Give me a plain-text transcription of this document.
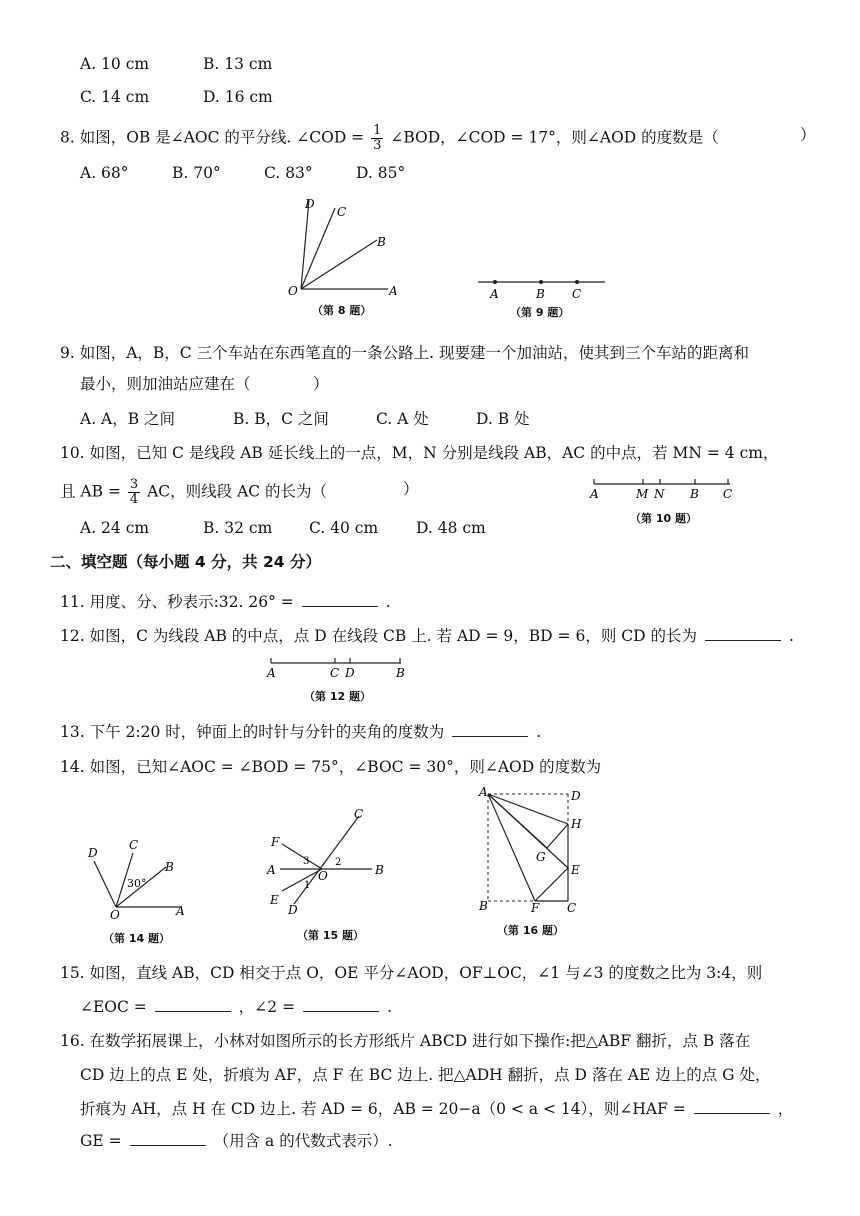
A. 10 cm	B. 13 cm
C. 14 cm	D. 16 cm
8. 如图，OB 是∠AOC 的平分线. ∠COD = $\frac{1}{3}$ ∠BOD，∠COD = 17°，则∠AOD 的度数是（	）
A. 68°	B. 70°	C. 83°	D. 85°
D
C
B
O	A
（第 8 题）
A	B C
（第 9 题）
9. 如图，A，B，C 三个车站在东西笔直的一条公路上. 现要建一个加油站，使其到三个车站的距离和
最小，则加油站应建在（	）
A. A，B 之间	B. B，C 之间	C. A 处	D. B 处
10. 如图，已知 C 是线段 AB 延长线上的一点，M，N 分别是线段 AB，AC 的中点，若 MN = 4 cm，
且 AB = $\frac{3}{4}$ AC，则线段 AC 的长为（	）
A. 24 cm	B. 32 cm C. 40 cm D. 48 cm
A	M N B C
（第 10 题）
二、填空题（每小题 4 分，共 24 分）
11. 用度、分、秒表示:32. 26° =	.
12. 如图，C 为线段 AB 的中点，点 D 在线段 CB 上. 若 AD = 9，BD = 6，则 CD 的长为	.
A	C D	B
（第 12 题）
13. 下午 2:20 时，钟面上的时针与分针的夹角的度数为	.
14. 如图，已知∠AOC = ∠BOD = 75°，∠BOC = 30°，则∠AOD 的度数为
D
C
B
O	A
30°
（第 14 题）
F
C
A	B
E
D
O
1
2
3
（第 15 题）
A	D
H
G
E
B	F C
（第 16 题）
15. 如图，直线 AB，CD 相交于点 O，OE 平分∠AOD，OF⊥OC，∠1 与∠3 的度数之比为 3:4，则
∠EOC =	，∠2 =	.
16. 在数学拓展课上，小林对如图所示的长方形纸片 ABCD 进行如下操作:把△ABF 翻折，点 B 落在
CD 边上的点 E 处，折痕为 AF，点 F 在 BC 边上. 把△ADH 翻折，点 D 落在 AE 边上的点 G 处，
折痕为 AH，点 H 在 CD 边上. 若 AD = 6，AB = 20−a（0 < a < 14），则∠HAF =	，
GE =	（用含 a 的代数式表示）.
